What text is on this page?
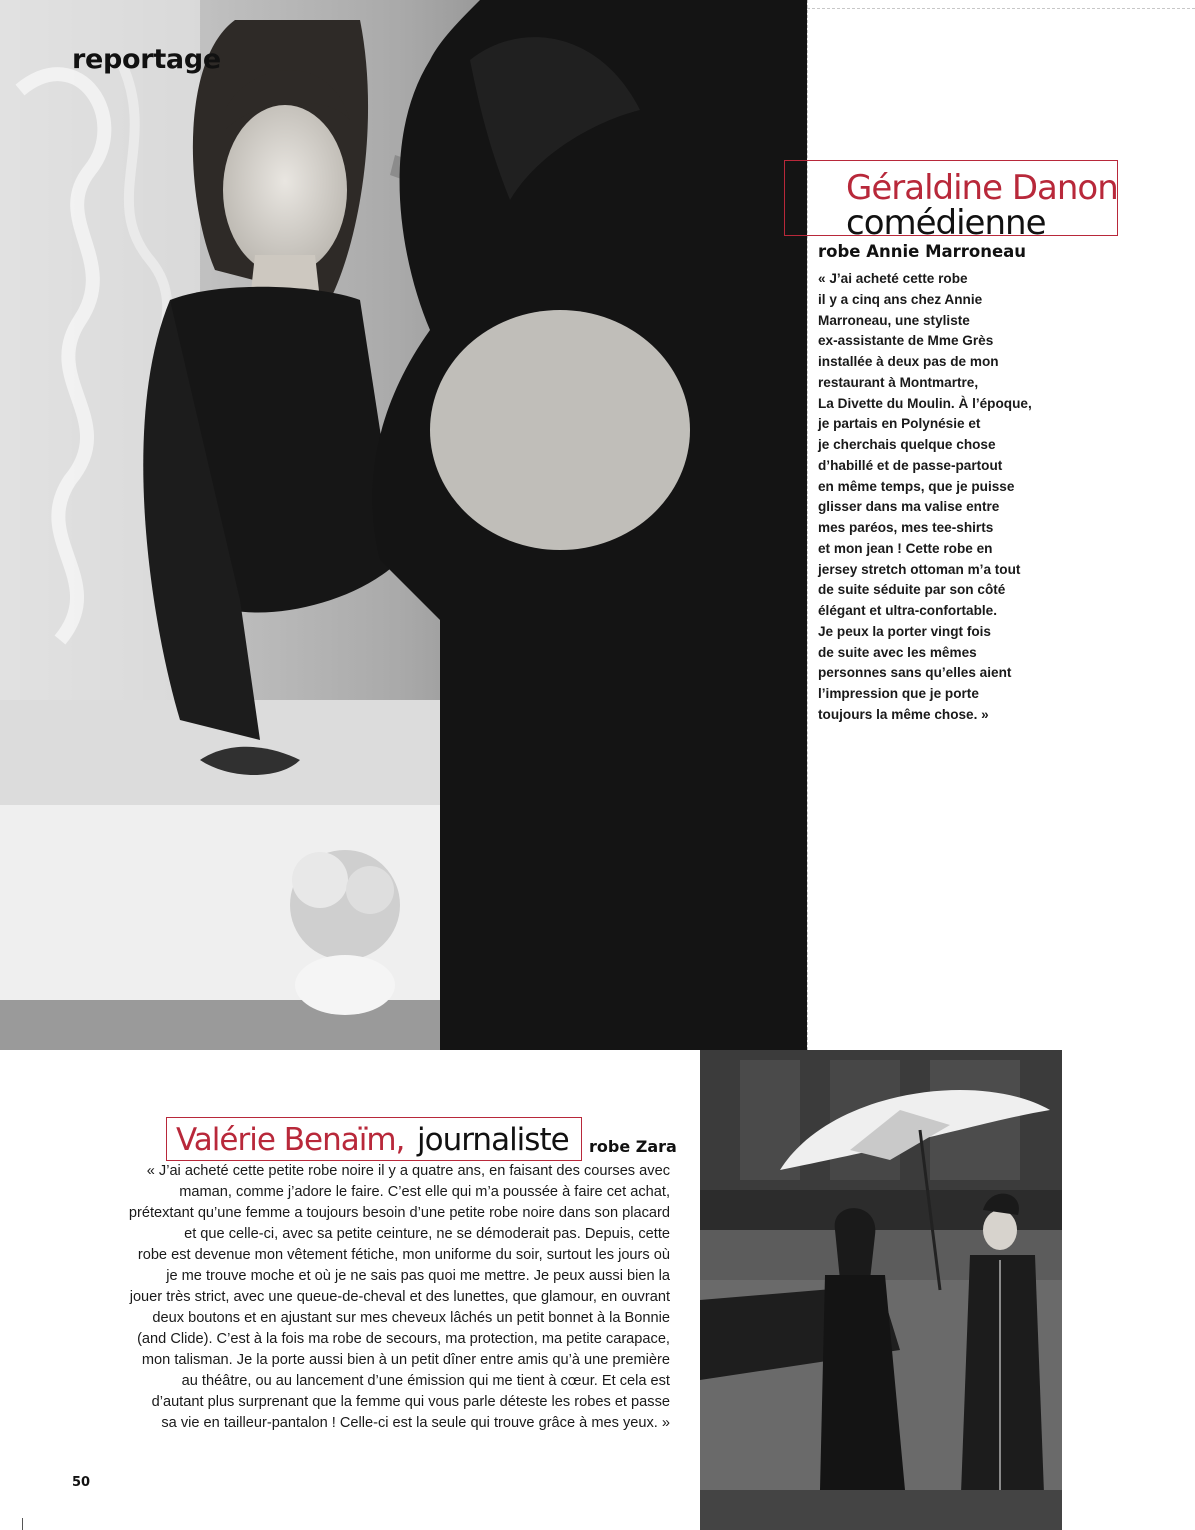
reportage
Géraldine Danon
comédienne
robe Annie Marroneau
« J’ai acheté cette robe
il y a cinq ans chez Annie
Marroneau, une styliste
ex-assistante de Mme Grès
installée à deux pas de mon
restaurant à Montmartre,
La Divette du Moulin. À l’époque,
je partais en Polynésie et
je cherchais quelque chose
d’habillé et de passe-partout
en même temps, que je puisse
glisser dans ma valise entre
mes paréos, mes tee-shirts
et mon jean ! Cette robe en
jersey stretch ottoman m’a tout
de suite séduite par son côté
élégant et ultra-confortable.
Je peux la porter vingt fois
de suite avec les mêmes
personnes sans qu’elles aient
l’impression que je porte
toujours la même chose. »
Valérie Benaïm, journaliste robe Zara
« J’ai acheté cette petite robe noire il y a quatre ans, en faisant des courses avec
maman, comme j’adore le faire. C’est elle qui m’a poussée à faire cet achat,
prétextant qu’une femme a toujours besoin d’une petite robe noire dans son placard
et que celle-ci, avec sa petite ceinture, ne se démoderait pas. Depuis, cette
robe est devenue mon vêtement fétiche, mon uniforme du soir, surtout les jours où
je me trouve moche et où je ne sais pas quoi me mettre. Je peux aussi bien la
jouer très strict, avec une queue-de-cheval et des lunettes, que glamour, en ouvrant
deux boutons et en ajustant sur mes cheveux lâchés un petit bonnet à la Bonnie
(and Clide). C’est à la fois ma robe de secours, ma protection, ma petite carapace,
mon talisman. Je la porte aussi bien à un petit dîner entre amis qu’à une première
au théâtre, ou au lancement d’une émission qui me tient à cœur. Et cela est
d’autant plus surprenant que la femme qui vous parle déteste les robes et passe
sa vie en tailleur-pantalon ! Celle-ci est la seule qui trouve grâce à mes yeux. »
50
